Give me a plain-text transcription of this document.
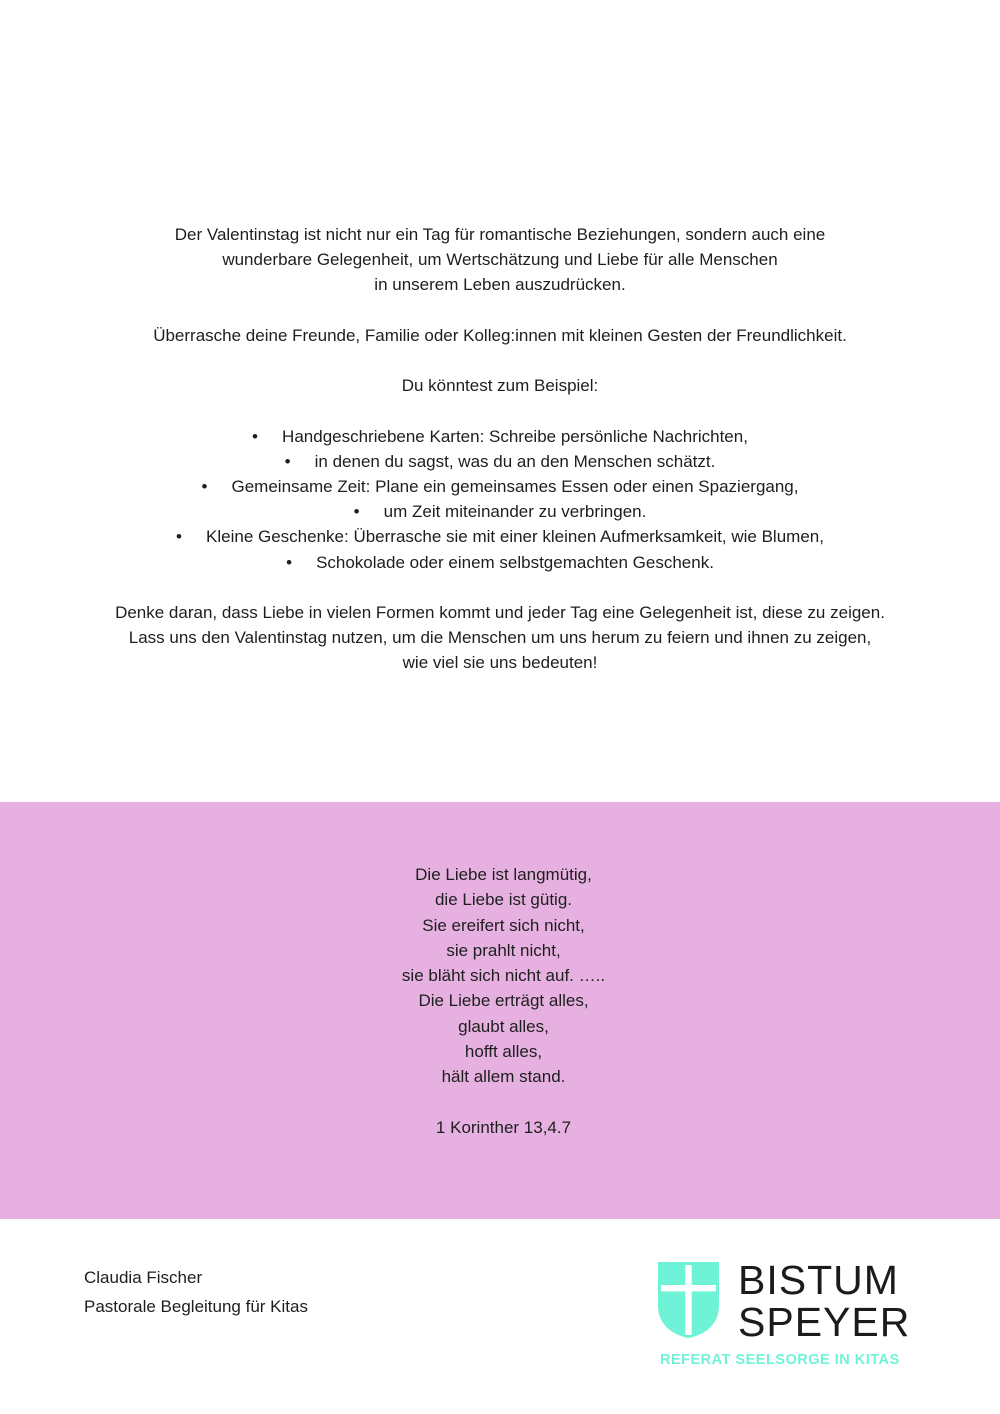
Der Valentinstag ist nicht nur ein Tag für romantische Beziehungen, sondern auch eine
wunderbare Gelegenheit, um Wertschätzung und Liebe für alle Menschen
in unserem Leben auszudrücken.

Überrasche deine Freunde, Familie oder Kolleg:innen mit kleinen Gesten der Freundlichkeit.

Du könntest zum Beispiel:

• Handgeschriebene Karten: Schreibe persönliche Nachrichten,
• in denen du sagst, was du an den Menschen schätzt.
• Gemeinsame Zeit: Plane ein gemeinsames Essen oder einen Spaziergang,
• um Zeit miteinander zu verbringen.
• Kleine Geschenke: Überrasche sie mit einer kleinen Aufmerksamkeit, wie Blumen,
• Schokolade oder einem selbstgemachten Geschenk.

Denke daran, dass Liebe in vielen Formen kommt und jeder Tag eine Gelegenheit ist, diese zu zeigen.
Lass uns den Valentinstag nutzen, um die Menschen um uns herum zu feiern und ihnen zu zeigen,
wie viel sie uns bedeuten!

Die Liebe ist langmütig,

die Liebe ist gütig.

Sie ereifert sich nicht,

sie prahlt nicht,

sie bläht sich nicht auf. …..

Die Liebe erträgt alles,

glaubt alles,

hofft alles,

hält allem stand.

1 Korinther 13,4.7

Claudia Fischer
Pastorale Begleitung für Kitas
BISTUM
SPEYER
REFERAT SEELSORGE IN KITAS
